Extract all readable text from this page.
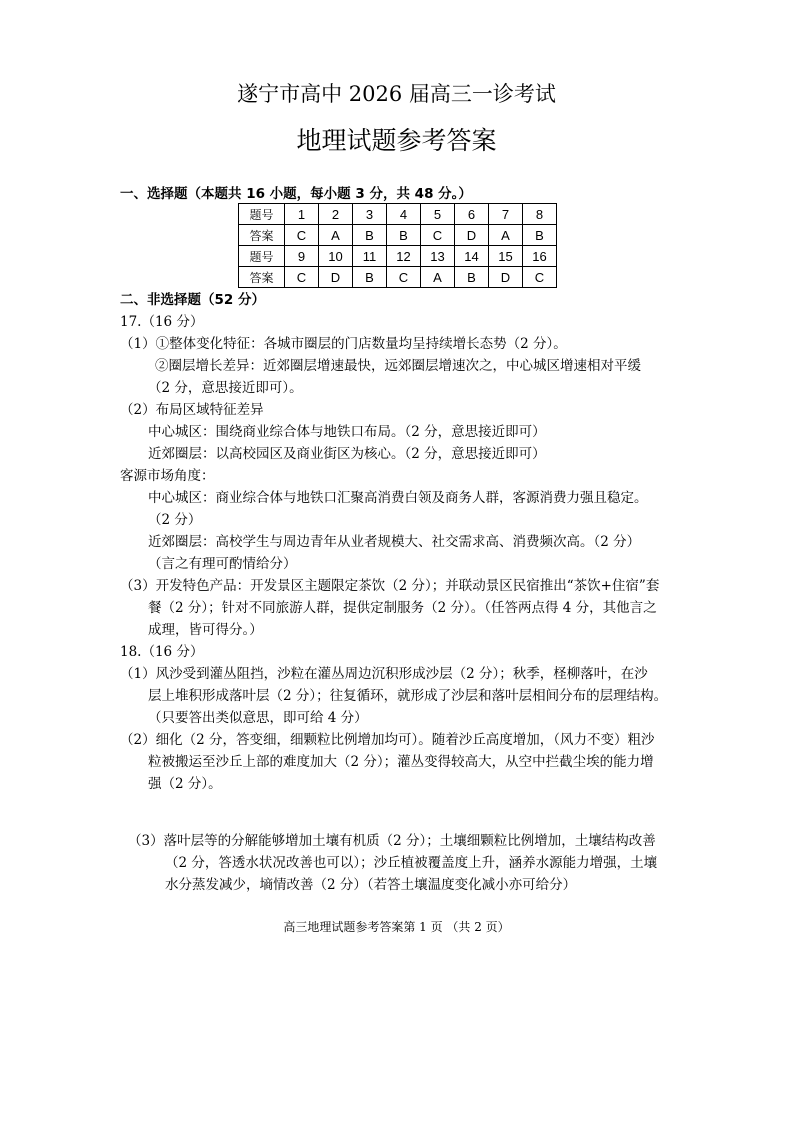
遂宁市高中 2026 届高三一诊考试
地理试题参考答案
一、选择题（本题共 16 小题，每小题 3 分，共 48 分。）
题号	1	2	3	4	5	6	7	8
答案	C	A	B	B	C	D	A	B
题号	9	10	11	12	13	14	15	16
答案	C	D	B	C	A	B	D	C
二、非选择题（52 分）
17.（16 分）
（1）①整体变化特征：各城市圈层的门店数量均呈持续增长态势（2 分）。
②圈层增长差异：近郊圈层增速最快，远郊圈层增速次之，中心城区增速相对平缓
（2 分，意思接近即可）。
（2）布局区域特征差异
中心城区：围绕商业综合体与地铁口布局。（2 分，意思接近即可）
近郊圈层：以高校园区及商业街区为核心。（2 分，意思接近即可）
客源市场角度：
中心城区：商业综合体与地铁口汇聚高消费白领及商务人群，客源消费力强且稳定。
（2 分）
近郊圈层：高校学生与周边青年从业者规模大、社交需求高、消费频次高。（2 分）
（言之有理可酌情给分）
（3）开发特色产品：开发景区主题限定茶饮（2 分）；并联动景区民宿推出“茶饮+住宿”套
餐（2 分）；针对不同旅游人群，提供定制服务（2 分）。（任答两点得 4 分，其他言之
成理，皆可得分。）
18.（16 分）
（1）风沙受到灌丛阻挡，沙粒在灌丛周边沉积形成沙层（2 分）；秋季，柽柳落叶，在沙
层上堆积形成落叶层（2 分）；往复循环，就形成了沙层和落叶层相间分布的层理结构。
（只要答出类似意思，即可给 4 分）
（2）细化（2 分，答变细，细颗粒比例增加均可）。随着沙丘高度增加，（风力不变）粗沙
粒被搬运至沙丘上部的难度加大（2 分）；灌丛变得较高大，从空中拦截尘埃的能力增
强（2 分）。
（3）落叶层等的分解能够增加土壤有机质（2 分）；土壤细颗粒比例增加，土壤结构改善
（2 分，答透水状况改善也可以）；沙丘植被覆盖度上升，涵养水源能力增强，土壤
水分蒸发减少，墒情改善（2 分）（若答土壤温度变化减小亦可给分）
高三地理试题参考答案第 1 页 （共 2 页）
